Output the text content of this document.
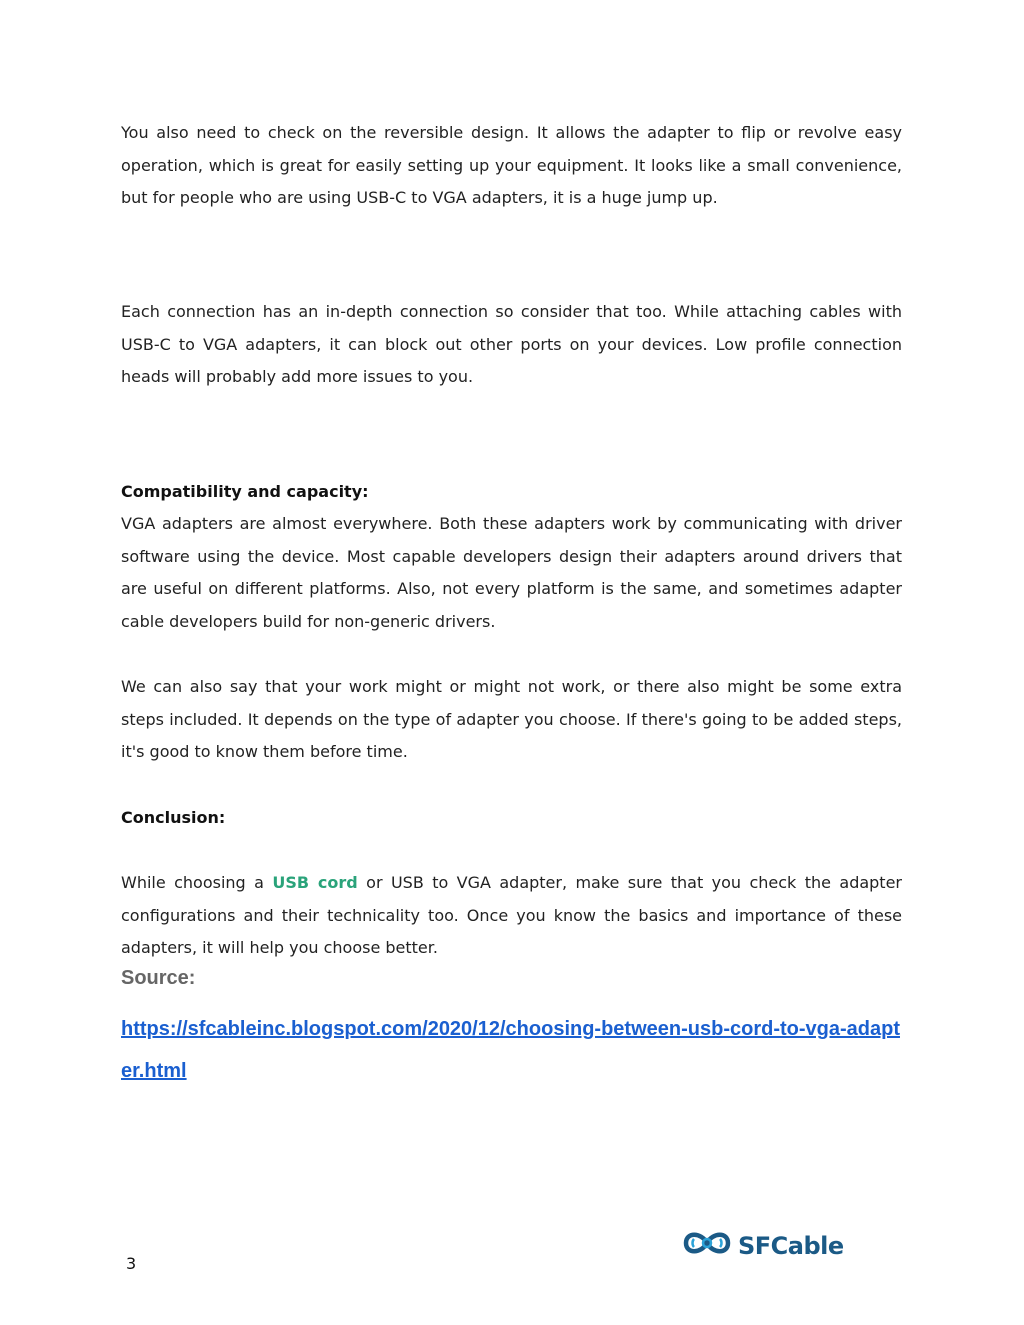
You also need to check on the reversible design. It allows the adapter to flip or revolve easy operation, which is great for easily setting up your equipment. It looks like a small convenience, but for people who are using USB-C to VGA adapters, it is a huge jump up.

Each connection has an in-depth connection so consider that too. While attaching cables with USB-C to VGA adapters, it can block out other ports on your devices. Low profile connection heads will probably add more issues to you.

Compatibility and capacity:

VGA adapters are almost everywhere. Both these adapters work by communicating with driver software using the device. Most capable developers design their adapters around drivers that are useful on different platforms. Also, not every platform is the same, and sometimes adapter cable developers build for non-generic drivers.

We can also say that your work might or might not work, or there also might be some extra steps included. It depends on the type of adapter you choose. If there's going to be added steps, it's good to know them before time.

Conclusion:

While choosing a USB cord or USB to VGA adapter, make sure that you check the adapter configurations and their technicality too. Once you know the basics and importance of these adapters, it will help you choose better.

Source:

https://sfcableinc.blogspot.com/2020/12/choosing-between-usb-cord-to-vga-adapter.html
3
SFCable
